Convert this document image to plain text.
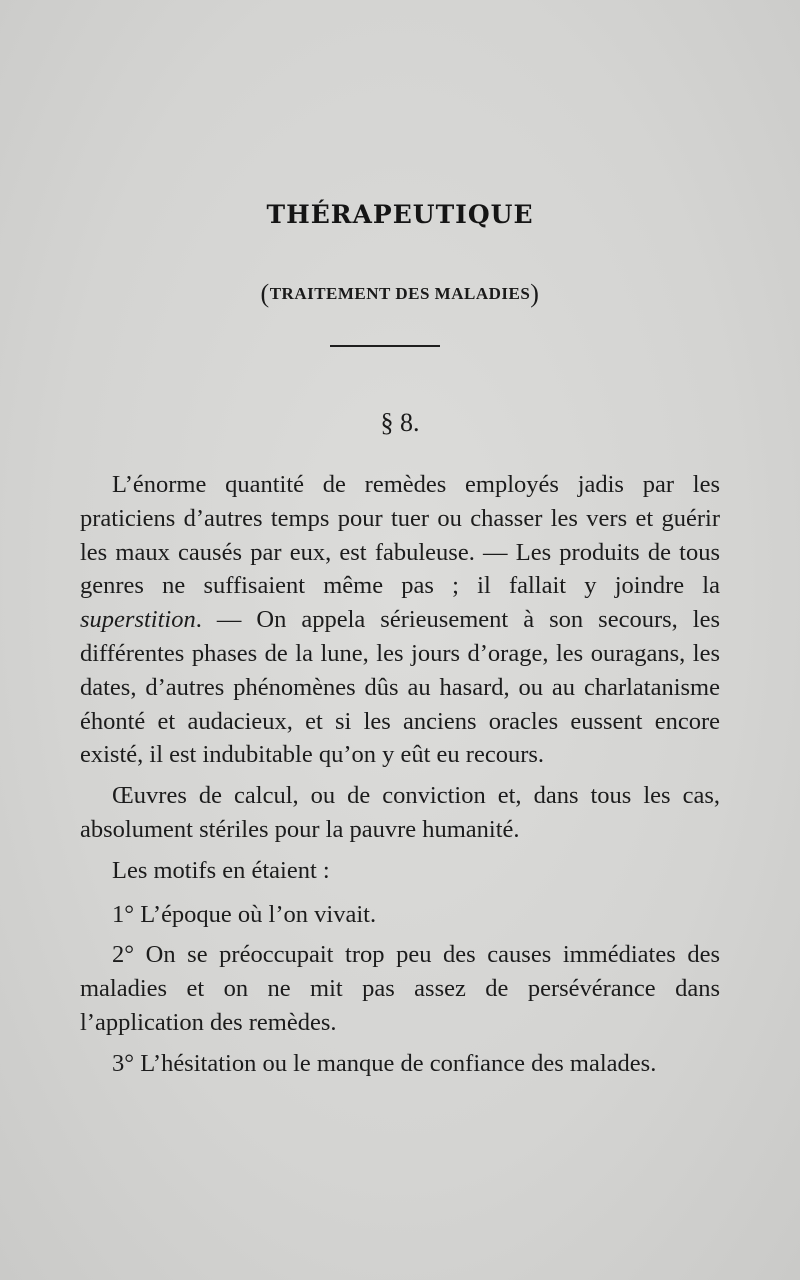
THÉRAPEUTIQUE
(TRAITEMENT DES MALADIES)
§ 8.

L’énorme quantité de remèdes employés jadis par les praticiens d’autres temps pour tuer ou chasser les vers et guérir les maux causés par eux, est fabuleuse. — Les produits de tous genres ne suffisaient même pas ; il fallait y joindre la superstition. — On appela sérieusement à son secours, les différentes phases de la lune, les jours d’orage, les ouragans, les dates, d’autres phénomènes dûs au hasard, ou au charlatanisme éhonté et audacieux, et si les anciens oracles eussent encore existé, il est indubitable qu’on y eût eu recours.

Œuvres de calcul, ou de conviction et, dans tous les cas, absolument stériles pour la pauvre humanité.

Les motifs en étaient :

1° L’époque où l’on vivait.

2° On se préoccupait trop peu des causes immédiates des maladies et on ne mit pas assez de persévérance dans l’application des remèdes.

3° L’hésitation ou le manque de confiance des malades.
